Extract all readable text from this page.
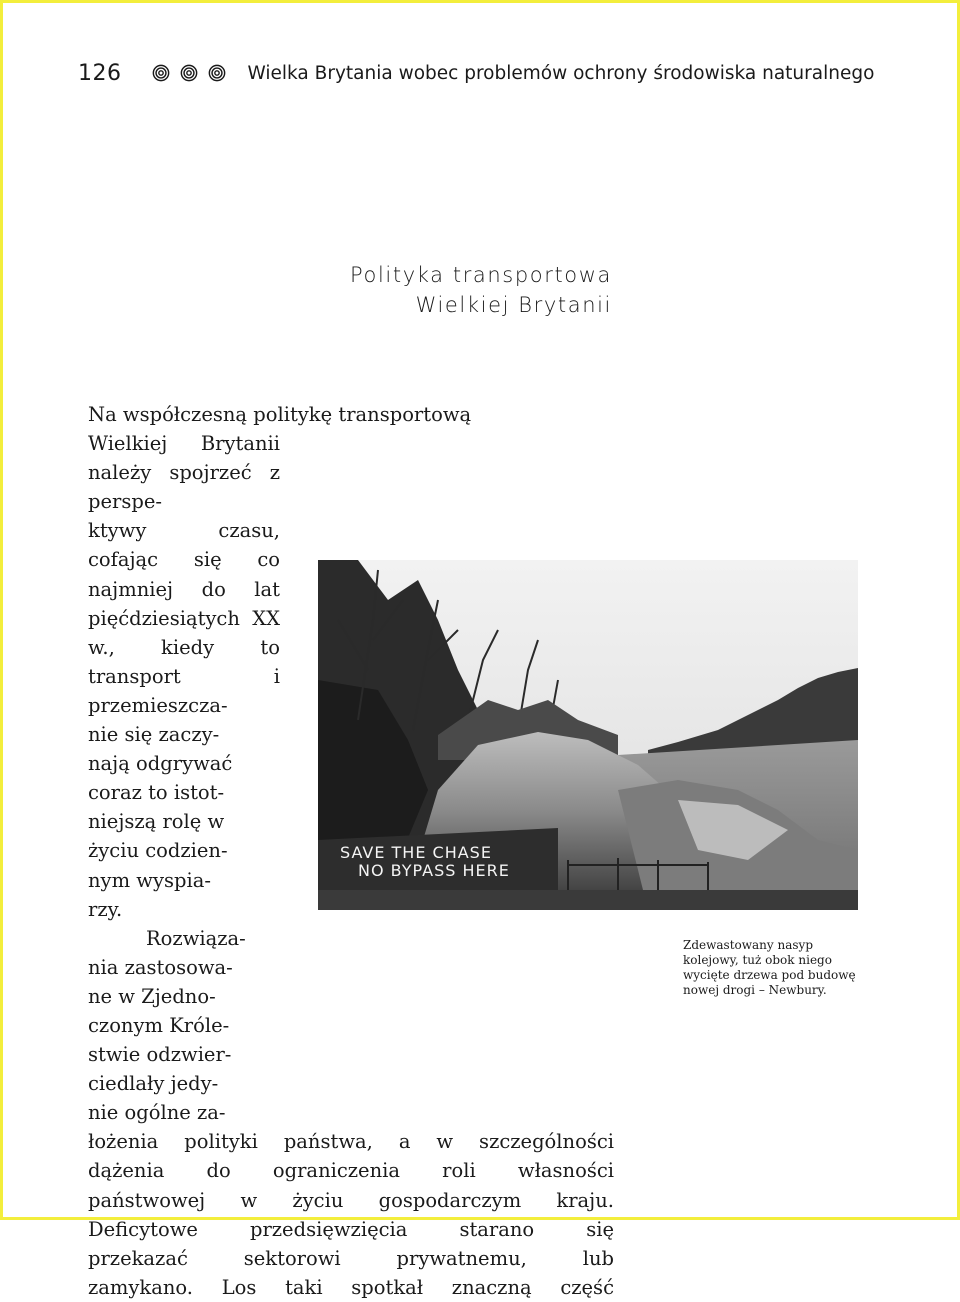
126	Wielka Brytania wobec problemów ochrony środowiska naturalnego
Polityka transportowa
Wielkiej Brytanii
Na współczesną politykę transportową
Wielkiej Brytanii należy spojrzeć z perspe-
ktywy czasu, cofając się co najmniej do lat
pięćdziesiątych XX w., kiedy to transport i
przemieszcza-
nie się zaczy-
nają odgrywać
coraz to istot-
niejszą rolę w
życiu codzien-
nym wyspia-
rzy.
Rozwiąza-
nia zastosowa-
ne w Zjedno-
czonym Króle-
stwie odzwier-
ciedlały jedy-
nie ogólne za-
łożenia polityki państwa, a w szczególności
dążenia do ograniczenia roli własności
państwowej w życiu gospodarczym kraju.
Deficytowe przedsięwzięcia starano się
przekazać sektorowi prywatnemu, lub
zamykano. Los taki spotkał znaczną część
SAVE THE CHASE
NO BYPASS HERE
Zdewastowany nasyp
kolejowy, tuż obok niego
wycięte drzewa pod budowę
nowej drogi – Newbury.
